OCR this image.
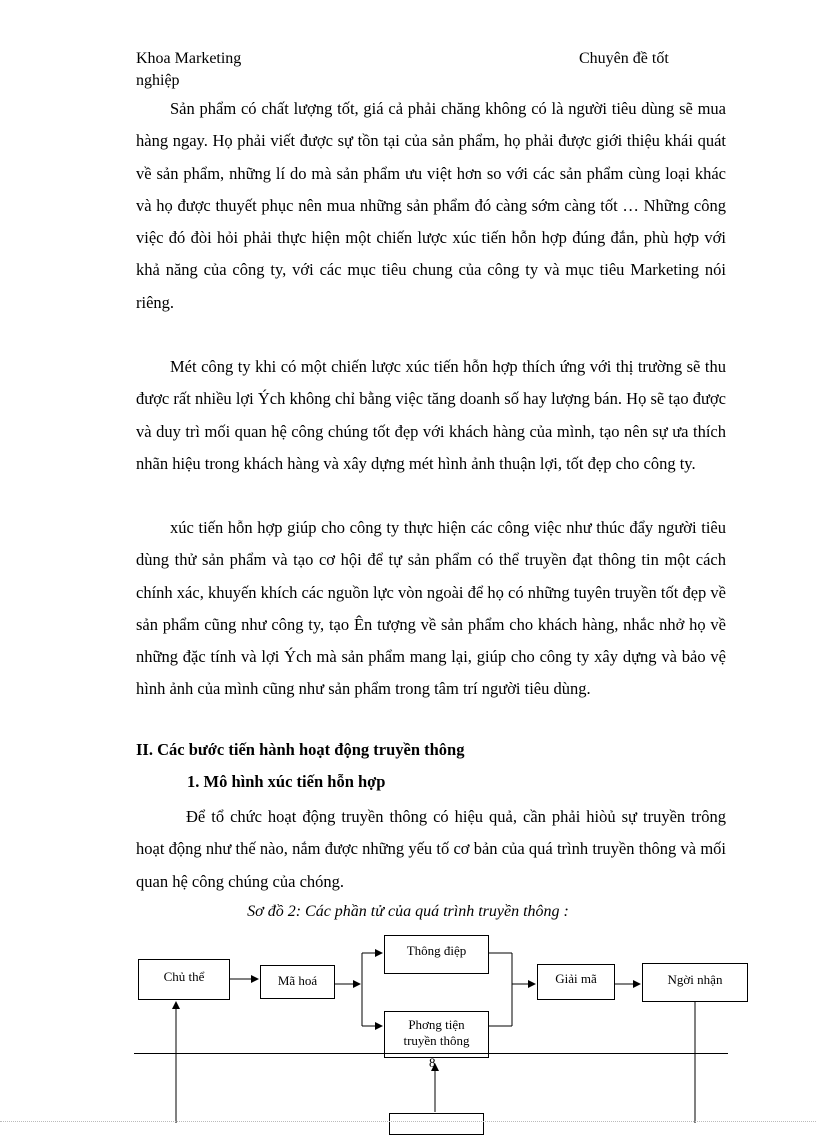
Khoa Marketing
nghiệp
Chuyên đề tốt

Sản phẩm có chất lượng tốt, giá cả phải chăng không có là người tiêu dùng sẽ mua hàng ngay. Họ phải viết được sự tồn tại của sản phẩm, họ phải được giới thiệu khái quát về sản phẩm, những lí do mà sản phẩm ưu việt hơn so với các sản phẩm cùng loại khác và họ được thuyết phục nên mua những sản phẩm đó càng sớm càng tốt … Những công việc đó đòi hỏi phải thực hiện một chiến lược xúc tiến hỗn hợp đúng đắn, phù hợp với khả năng của công ty, với các mục tiêu chung của công ty và mục tiêu Marketing nói riêng.

Mét công ty khi có một chiến lược xúc tiến hỗn hợp thích ứng với thị trường sẽ thu được rất nhiều lợi Ých không chỉ bằng việc tăng doanh số hay lượng bán. Họ sẽ tạo được và duy trì mối quan hệ công chúng tốt đẹp với khách hàng của mình, tạo nên sự ưa thích nhãn hiệu trong khách hàng và xây dựng mét hình ảnh thuận lợi, tốt đẹp cho công ty.

xúc tiến hỗn hợp giúp cho công ty thực hiện các công việc như thúc đẩy người tiêu dùng thử sản phẩm và tạo cơ hội để tự sản phẩm có thể truyền đạt thông tin một cách chính xác, khuyến khích các nguồn lực vòn ngoài để họ có những tuyên truyền tốt đẹp về sản phẩm cũng như công ty, tạo Ên tượng về sản phẩm cho khách hàng, nhắc nhở họ về những đặc tính và lợi Ých mà sản phẩm mang lại, giúp cho công ty xây dựng và bảo vệ hình ảnh của mình cũng như sản phẩm trong tâm trí người tiêu dùng.

II. Các bước tiến hành hoạt động truyền thông
1. Mô hình xúc tiến hỗn hợp

Để tổ chức hoạt động truyền thông có hiệu quả, cần phải hiòủ sự truyền trông hoạt động như thế nào, nắm được những yếu tố cơ bản của quá trình truyền thông và mối quan hệ công chúng của chóng.

Sơ đồ 2: Các phần tử của quá trình truyền thông :
Chủ thể	Mã hoá
Thông điệp
Phơng tiện
truyền thông
Giải mã	Ngời nhận
8
